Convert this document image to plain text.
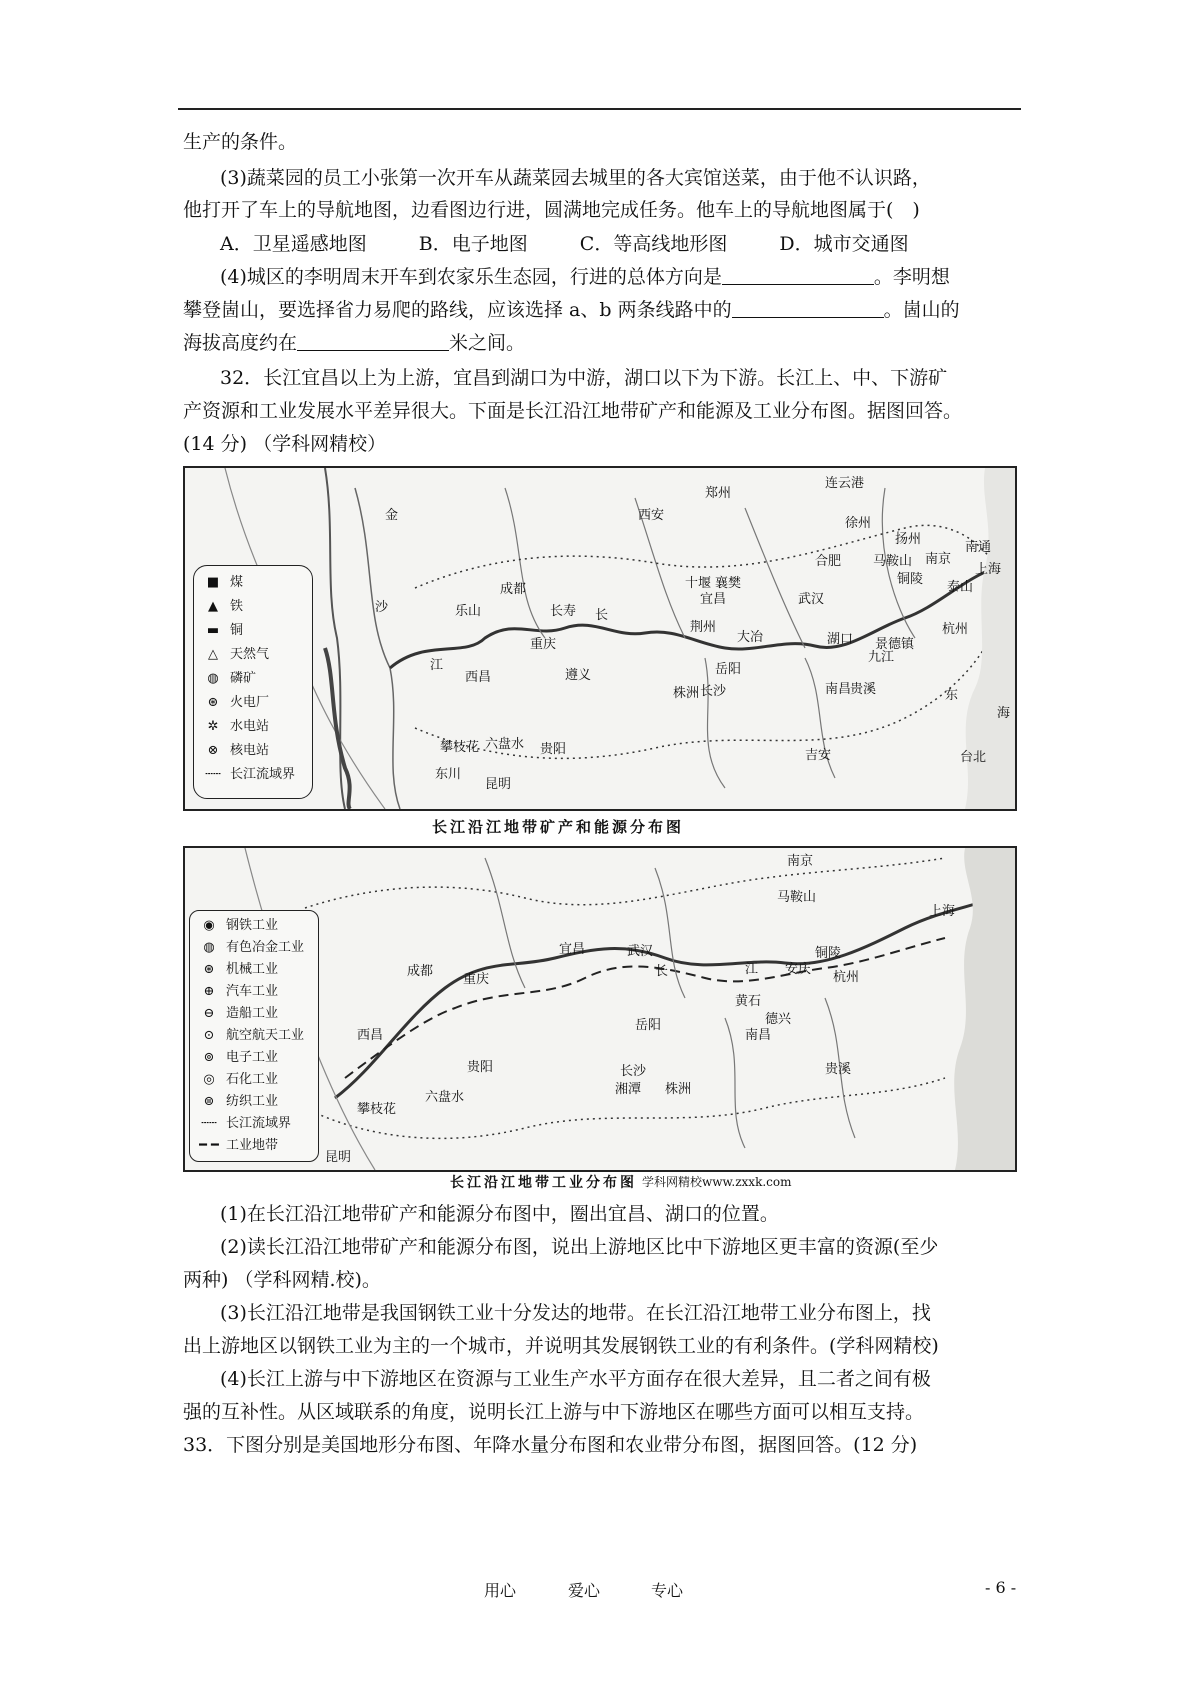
生产的条件。
(3)蔬菜园的员工小张第一次开车从蔬菜园去城里的各大宾馆送菜，由于他不认识路，
他打开了车上的导航地图，边看图边行进，圆满地完成任务。他车上的导航地图属于(　)
A．卫星遥感地图	B．电子地图	C．等高线地形图	D．城市交通图
(4)城区的李明周末开车到农家乐生态园，行进的总体方向是	。李明想
攀登崮山，要选择省力易爬的路线，应该选择 a、b 两条线路中的	。崮山的
海拔高度约在	米之间。
32．长江宜昌以上为上游，宜昌到湖口为中游，湖口以下为下游。长江上、中、下游矿
产资源和工业发展水平差异很大。下面是长江沿江地带矿产和能源及工业分布图。据图回答。
(14 分) （学科网精校）
■ 煤
▲ 铁
▬ 铜
△ 天然气
◍ 磷矿
⊛ 火电厂
✲ 水电站
⊗ 核电站
┄┄ 长江流域界
连云港
郑州
徐州
西安
扬州
南通
南京
上海
合肥 马鞍山
铜陵
泰山
成都	十堰 襄樊
宜昌	武汉
乐山	长寿
湖口
杭州
重庆
荆州
大冶	景德镇
九江
岳阳
西昌	遵义
长沙	南昌
贵溪
株洲	东
海
攀枝花 六盘水 贵阳	吉安
东川
昆明
台北
金
沙
江
长
长江沿江地带矿产和能源分布图
◉ 钢铁工业
◍ 有色冶金工业
⊛ 机械工业
⊕ 汽车工业
⊖ 造船工业
⊙ 航空航天工业
⊚ 电子工业
◎ 石化工业
⊜ 纺织工业
┄┄ 长江流域界
━ ━ 工业地带
南京
马鞍山
上海
宜昌	武汉	铜陵
成都	安庆
杭州
重庆
黄石
德兴
岳阳
南昌
西昌
长沙	贵溪
湘潭 株洲
贵阳
攀枝花
六盘水
昆明
江
长
长江沿江地带工业分布图 学科网精校www.zxxk.com
(1)在长江沿江地带矿产和能源分布图中，圈出宜昌、湖口的位置。
(2)读长江沿江地带矿产和能源分布图，说出上游地区比中下游地区更丰富的资源(至少
两种) （学科网精.校)。
(3)长江沿江地带是我国钢铁工业十分发达的地带。在长江沿江地带工业分布图上，找
出上游地区以钢铁工业为主的一个城市，并说明其发展钢铁工业的有利条件。(学科网精校)
(4)长江上游与中下游地区在资源与工业生产水平方面存在很大差异，且二者之间有极
强的互补性。从区域联系的角度，说明长江上游与中下游地区在哪些方面可以相互支持。
33．下图分别是美国地形分布图、年降水量分布图和农业带分布图，据图回答。(12 分)
用心	爱心	专心	- 6 -
